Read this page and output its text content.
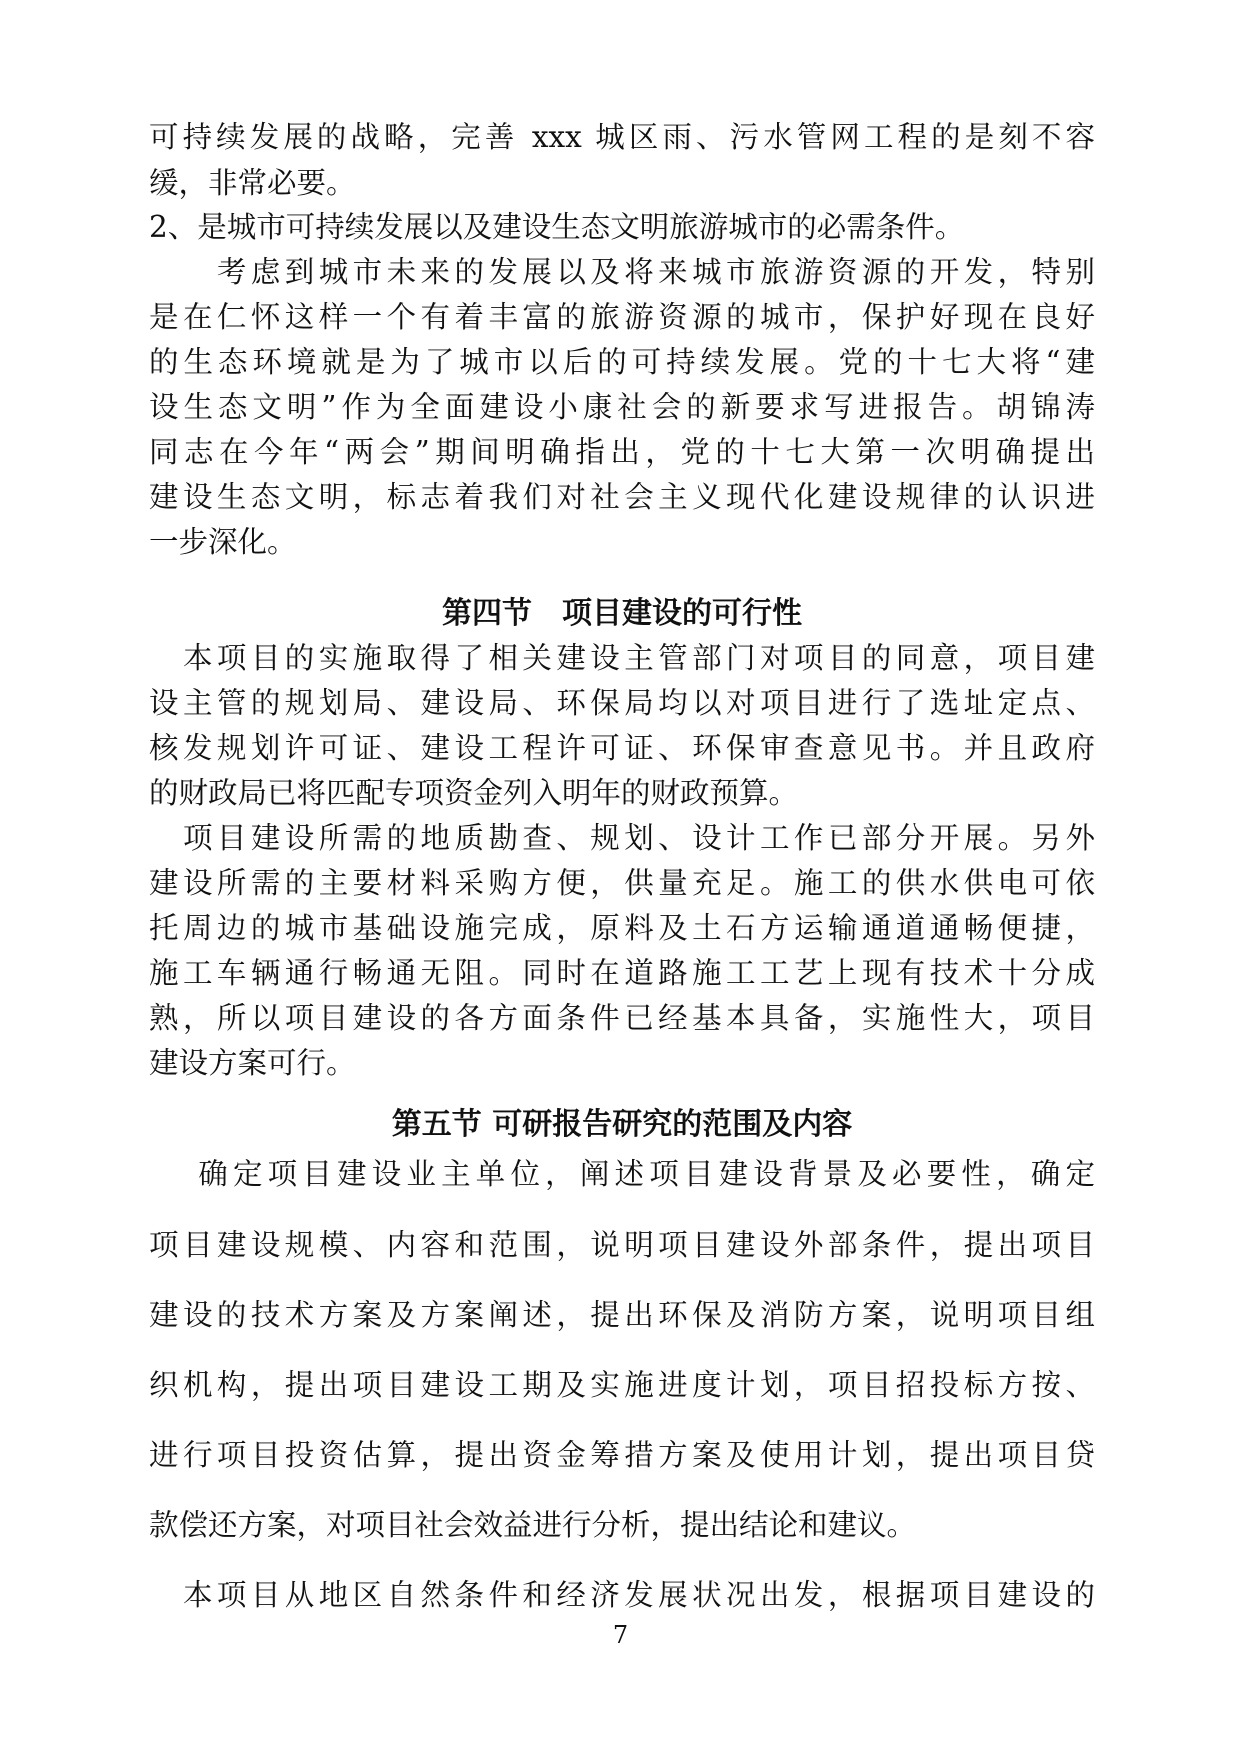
可持续发展的战略，完善 xxx 城区雨、污水管网工程的是刻不容
缓，非常必要。
2、是城市可持续发展以及建设生态文明旅游城市的必需条件。
　　考虑到城市未来的发展以及将来城市旅游资源的开发，特别
是在仁怀这样一个有着丰富的旅游资源的城市，保护好现在良好
的生态环境就是为了城市以后的可持续发展。党的十七大将“建
设生态文明”作为全面建设小康社会的新要求写进报告。胡锦涛
同志在今年“两会”期间明确指出，党的十七大第一次明确提出
建设生态文明，标志着我们对社会主义现代化建设规律的认识进
一步深化。
第四节　项目建设的可行性
　本项目的实施取得了相关建设主管部门对项目的同意，项目建
设主管的规划局、建设局、环保局均以对项目进行了选址定点、
核发规划许可证、建设工程许可证、环保审查意见书。并且政府
的财政局已将匹配专项资金列入明年的财政预算。
　项目建设所需的地质勘查、规划、设计工作已部分开展。另外
建设所需的主要材料采购方便，供量充足。施工的供水供电可依
托周边的城市基础设施完成，原料及土石方运输通道通畅便捷，
施工车辆通行畅通无阻。同时在道路施工工艺上现有技术十分成
熟，所以项目建设的各方面条件已经基本具备，实施性大，项目
建设方案可行。
第五节 可研报告研究的范围及内容
　 确定项目建设业主单位，阐述项目建设背景及必要性，确定
项目建设规模、内容和范围，说明项目建设外部条件，提出项目
建设的技术方案及方案阐述，提出环保及消防方案，说明项目组
织机构，提出项目建设工期及实施进度计划，项目招投标方按、
进行项目投资估算，提出资金筹措方案及使用计划，提出项目贷
款偿还方案，对项目社会效益进行分析，提出结论和建议。
　本项目从地区自然条件和经济发展状况出发，根据项目建设的
7
